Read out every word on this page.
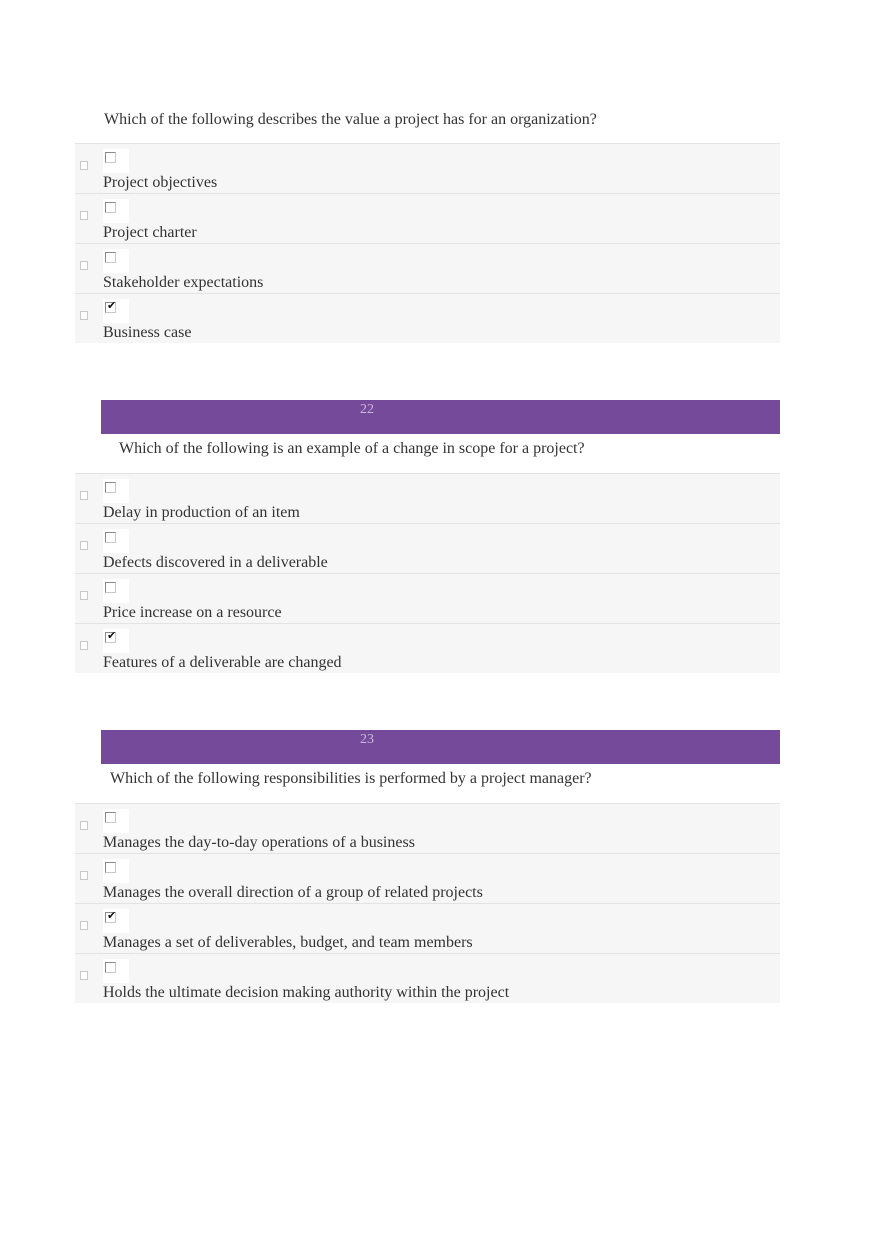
Which of the following describes the value a project has for an organization?
Project objectives
Project charter
Stakeholder expectations
✔
Business case
22
Which of the following is an example of a change in scope for a project?
Delay in production of an item
Defects discovered in a deliverable
Price increase on a resource
✔
Features of a deliverable are changed
23
Which of the following responsibilities is performed by a project manager?
Manages the day-to-day operations of a business
Manages the overall direction of a group of related projects
✔
Manages a set of deliverables, budget, and team members
Holds the ultimate decision making authority within the project
